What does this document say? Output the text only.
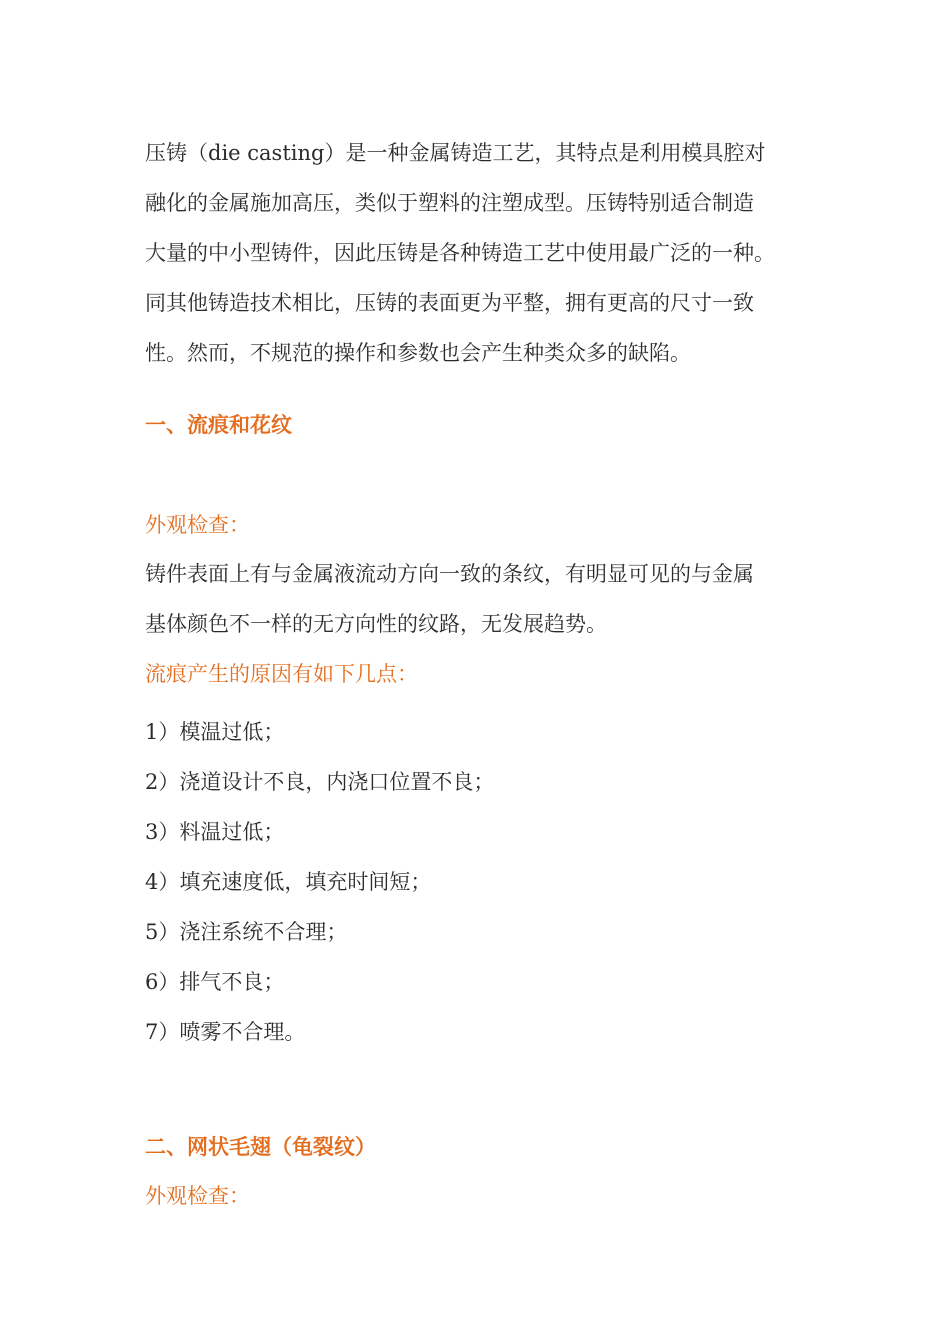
压铸（die casting）是一种金属铸造工艺，其特点是利用模具腔对
融化的金属施加高压，类似于塑料的注塑成型。压铸特别适合制造
大量的中小型铸件，因此压铸是各种铸造工艺中使用最广泛的一种。
同其他铸造技术相比，压铸的表面更为平整，拥有更高的尺寸一致
性。然而，不规范的操作和参数也会产生种类众多的缺陷。

一、流痕和花纹

外观检查：

铸件表面上有与金属液流动方向一致的条纹，有明显可见的与金属
基体颜色不一样的无方向性的纹路，无发展趋势。

流痕产生的原因有如下几点：

1）模温过低；
2）浇道设计不良，内浇口位置不良；
3）料温过低；
4）填充速度低，填充时间短；
5）浇注系统不合理；
6）排气不良；
7）喷雾不合理。
二、网状毛翅（龟裂纹）

外观检查：
